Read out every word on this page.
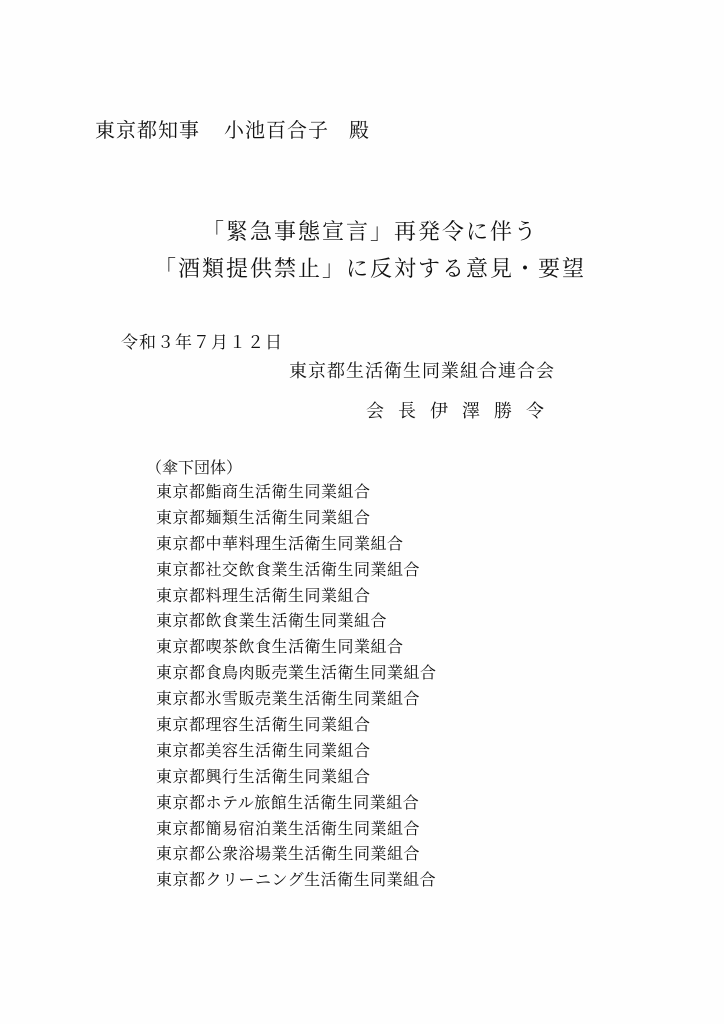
東京都知事 小池百合子 殿
「緊急事態宣言」再発令に伴う
「酒類提供禁止」に反対する意見・要望
令和３年７月１２日
東京都生活衛生同業組合連合会
会長伊澤勝令
（傘下団体）
東京都鮨商生活衛生同業組合
東京都麺類生活衛生同業組合
東京都中華料理生活衛生同業組合
東京都社交飲食業生活衛生同業組合
東京都料理生活衛生同業組合
東京都飲食業生活衛生同業組合
東京都喫茶飲食生活衛生同業組合
東京都食鳥肉販売業生活衛生同業組合
東京都氷雪販売業生活衛生同業組合
東京都理容生活衛生同業組合
東京都美容生活衛生同業組合
東京都興行生活衛生同業組合
東京都ホテル旅館生活衛生同業組合
東京都簡易宿泊業生活衛生同業組合
東京都公衆浴場業生活衛生同業組合
東京都クリーニング生活衛生同業組合
